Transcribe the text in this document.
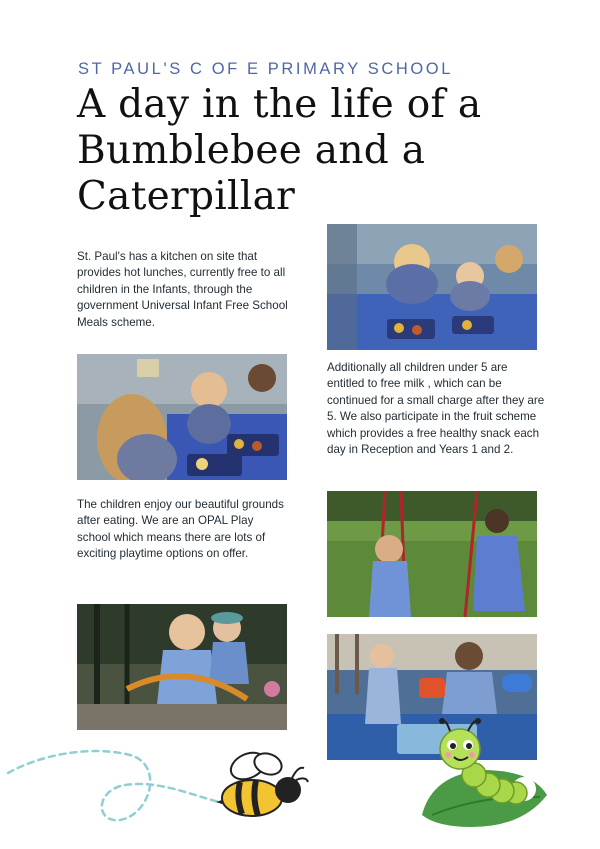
ST PAUL'S C OF E PRIMARY SCHOOL
A day in the life of a Bumblebee and a Caterpillar
St. Paul's has a kitchen on site that provides hot lunches, currently free to all children in the Infants, through the government Universal Infant Free School Meals scheme.
Additionally all children under 5 are entitled to free milk , which can be continued for a small charge after they are 5. We also participate in the fruit scheme which provides a free healthy snack each day in Reception and Years 1 and 2.
The children enjoy our beautiful grounds after eating. We are an OPAL Play school which means there are lots of exciting playtime options on offer.
